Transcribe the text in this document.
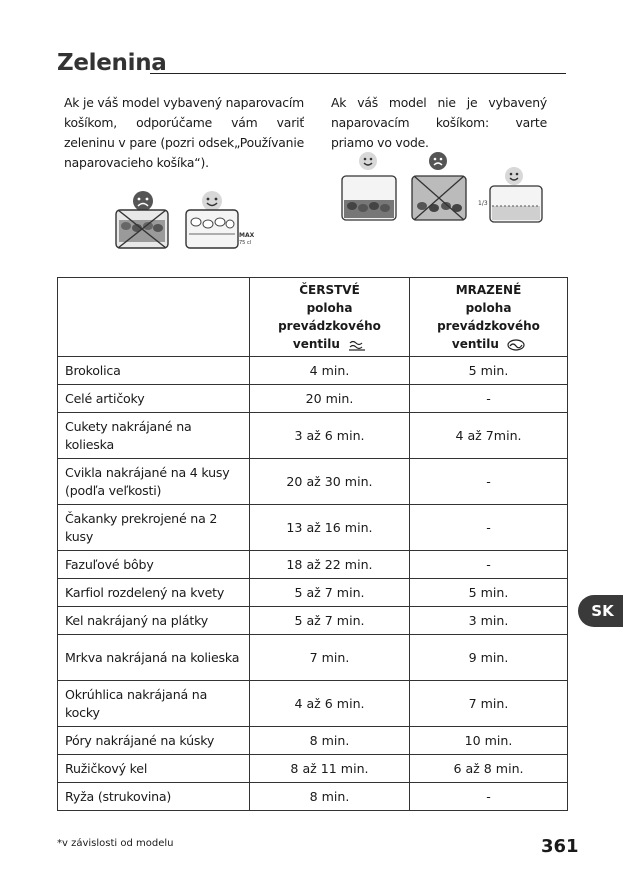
Zelenina
Ak je váš model vybavený naparovacím košíkom, odporúčame vám variť zeleninu v pare (pozri odsek„Používanie naparovacieho košíka“).
Ak váš model nie je vybavený naparovacím košíkom: varte priamo vo vode.
MAX
75 cl
1/3
	ČERSTVÉ
poloha prevádzkového
ventilu	MRAZENÉ
poloha prevádzkového
ventilu
Brokolica	4 min.	5 min.
Celé artičoky	20 min.	-
Cukety nakrájané na kolieska	3 až 6 min.	4 až 7min.
Cvikla nakrájané na 4 kusy (podľa veľkosti)	20 až 30 min.	-
Čakanky prekrojené na 2 kusy	13 až 16 min.	-
Fazuľové bôby	18 až 22 min.	-
Karfiol rozdelený na kvety	5 až 7 min.	5 min.
Kel nakrájaný na plátky	5 až 7 min.	3 min.
Mrkva nakrájaná na kolieska	7 min.	9 min.
Okrúhlica nakrájaná na kocky	4 až 6 min.	7 min.
Póry nakrájané na kúsky	8 min.	10 min.
Ružičkový kel	8 až 11 min.	6 až 8 min.
Ryža (strukovina)	8 min.	-
SK
*v závislosti od modelu	361
